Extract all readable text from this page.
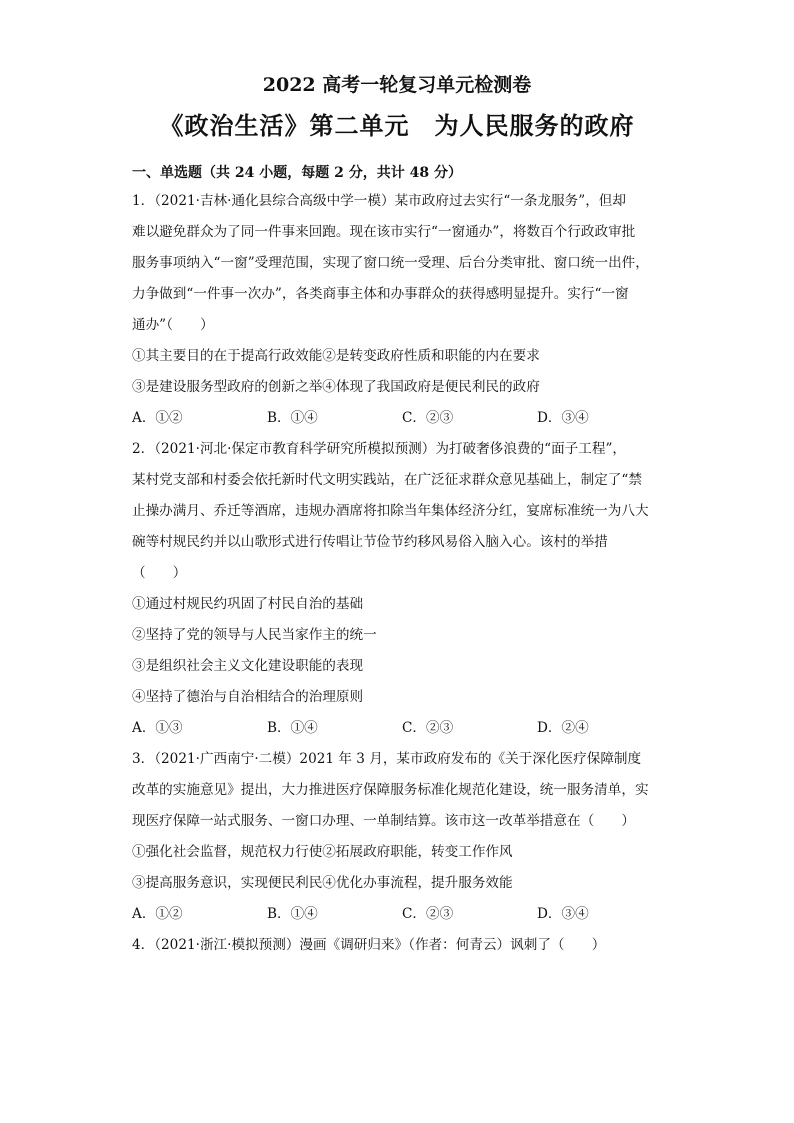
2022 高考一轮复习单元检测卷
《政治生活》第二单元　为人民服务的政府
一、单选题（共 24 小题，每题 2 分，共计 48 分）
1．（2021·吉林·通化县综合高级中学一模）某市政府过去实行“一条龙服务”，但却
难以避免群众为了同一件事来回跑。现在该市实行“一窗通办”，将数百个行政政审批
服务事项纳入“一窗”受理范围，实现了窗口统一受理、后台分类审批、窗口统一出件，
力争做到“一件事一次办”，各类商事主体和办事群众的获得感明显提升。实行“一窗
通办”（　　）
①其主要目的在于提高行政效能②是转变政府性质和职能的内在要求
③是建设服务型政府的创新之举④体现了我国政府是便民利民的政府
A．①②	B．①④	C．②③	D．③④
2．（2021·河北·保定市教育科学研究所模拟预测）为打破奢侈浪费的“面子工程”，
某村党支部和村委会依托新时代文明实践站，在广泛征求群众意见基础上，制定了“禁
止操办满月、乔迁等酒席，违规办酒席将扣除当年集体经济分红，宴席标准统一为八大
碗等村规民约并以山歌形式进行传唱让节俭节约移风易俗入脑入心。该村的举措
（　　）
①通过村规民约巩固了村民自治的基础
②坚持了党的领导与人民当家作主的统一
③是组织社会主义文化建设职能的表现
④坚持了德治与自治相结合的治理原则
A．①③	B．①④	C．②③	D．②④
3．（2021·广西南宁·二模）2021 年 3 月，某市政府发布的《关于深化医疗保障制度
改革的实施意见》提出，大力推进医疗保障服务标准化规范化建设，统一服务清单，实
现医疗保障一站式服务、一窗口办理、一单制结算。该市这一改革举措意在（　　）
①强化社会监督，规范权力行使②拓展政府职能，转变工作作风
③提高服务意识，实现便民利民④优化办事流程，提升服务效能
A．①②	B．①④	C．②③	D．③④
4．（2021·浙江·模拟预测）漫画《调研归来》（作者：何青云）讽刺了（　　）
